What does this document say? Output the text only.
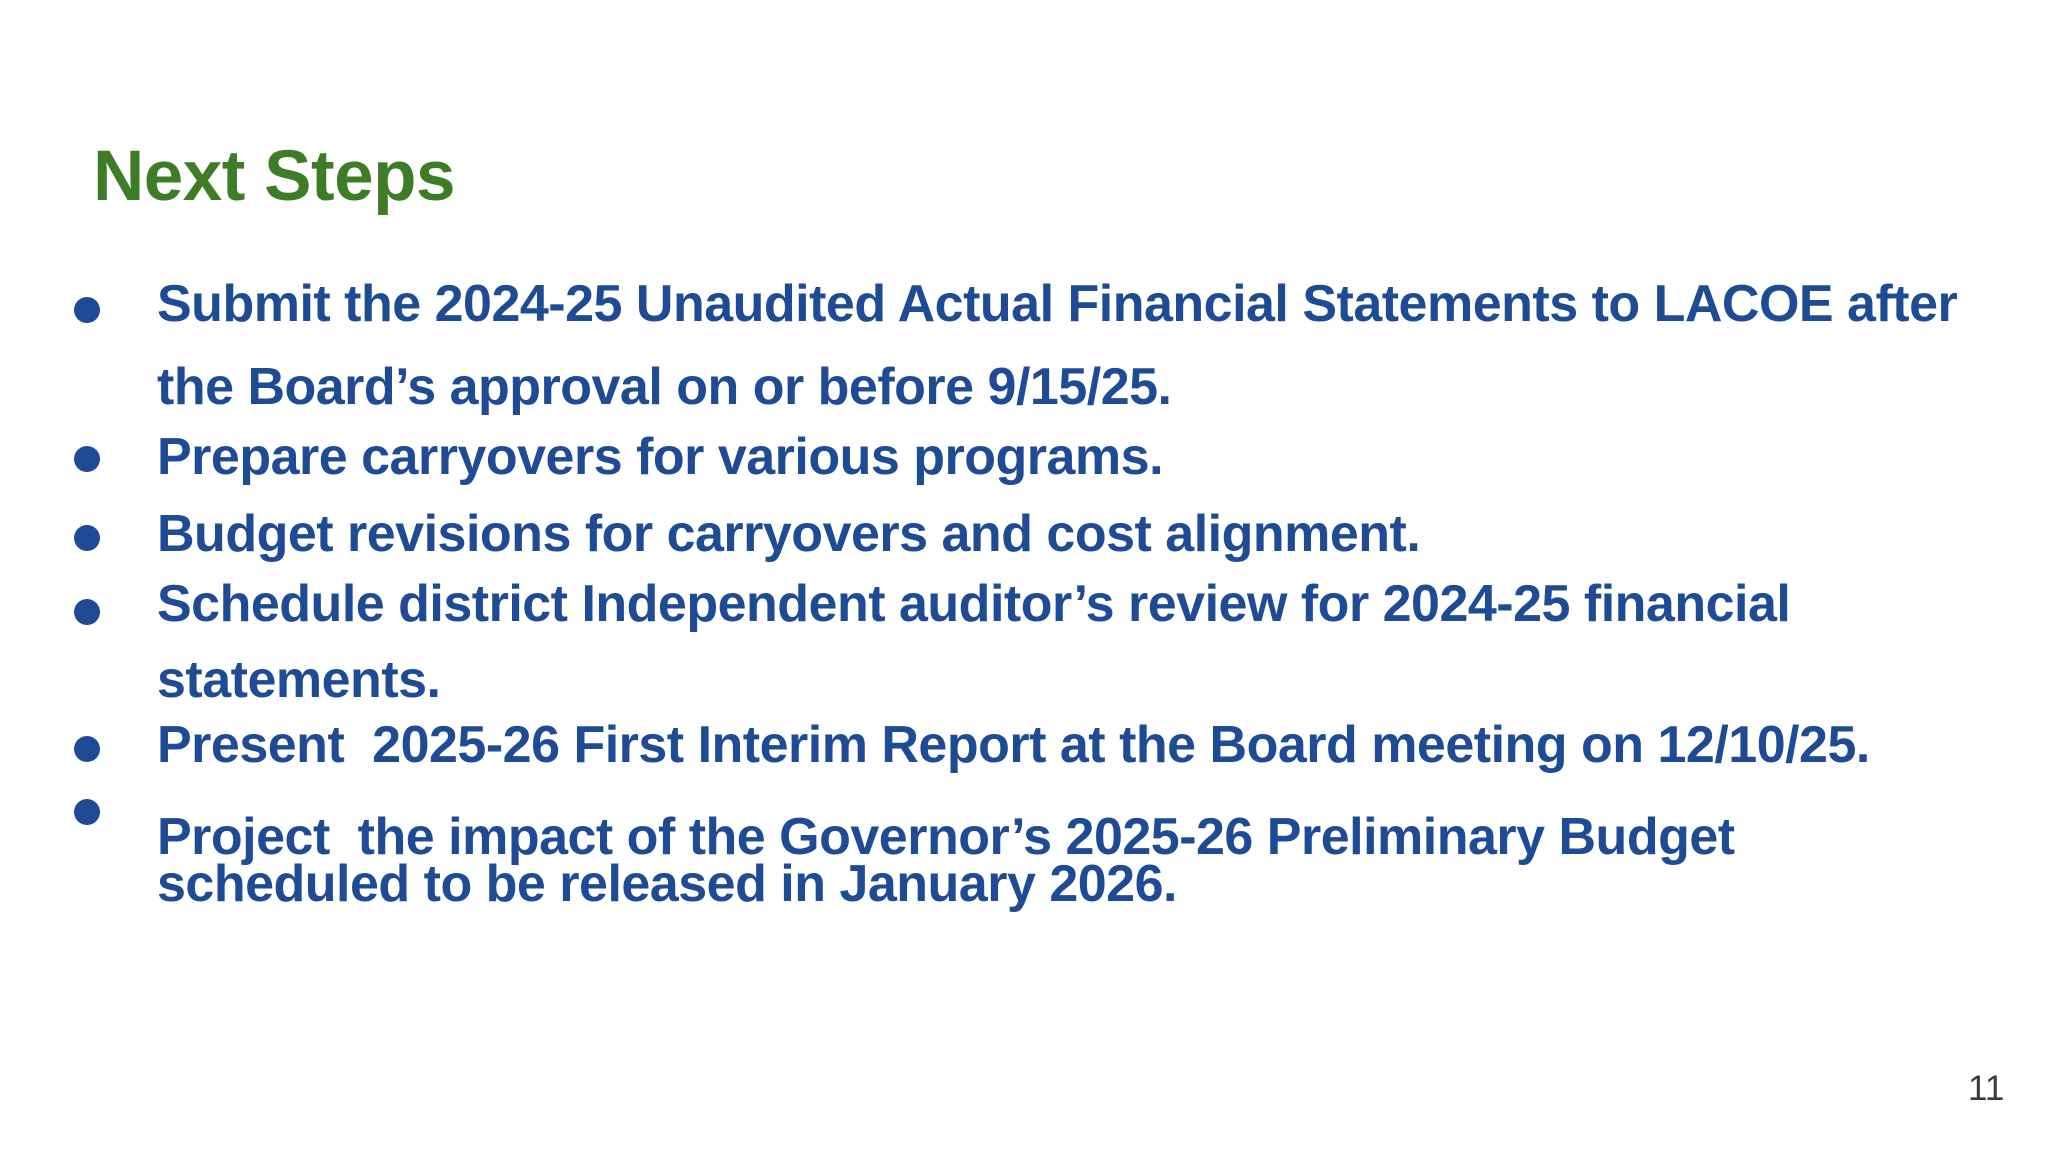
Next Steps
Submit the 2024-25 Unaudited Actual Financial Statements to LACOE after
the Board’s approval on or before 9/15/25.
Prepare carryovers for various programs.
Budget revisions for carryovers and cost alignment.
Schedule district Independent auditor’s review for 2024-25 financial
statements.
Present  2025-26 First Interim Report at the Board meeting on 12/10/25.
Project  the impact of the Governor’s 2025-26 Preliminary Budget
scheduled to be released in January 2026.
11
